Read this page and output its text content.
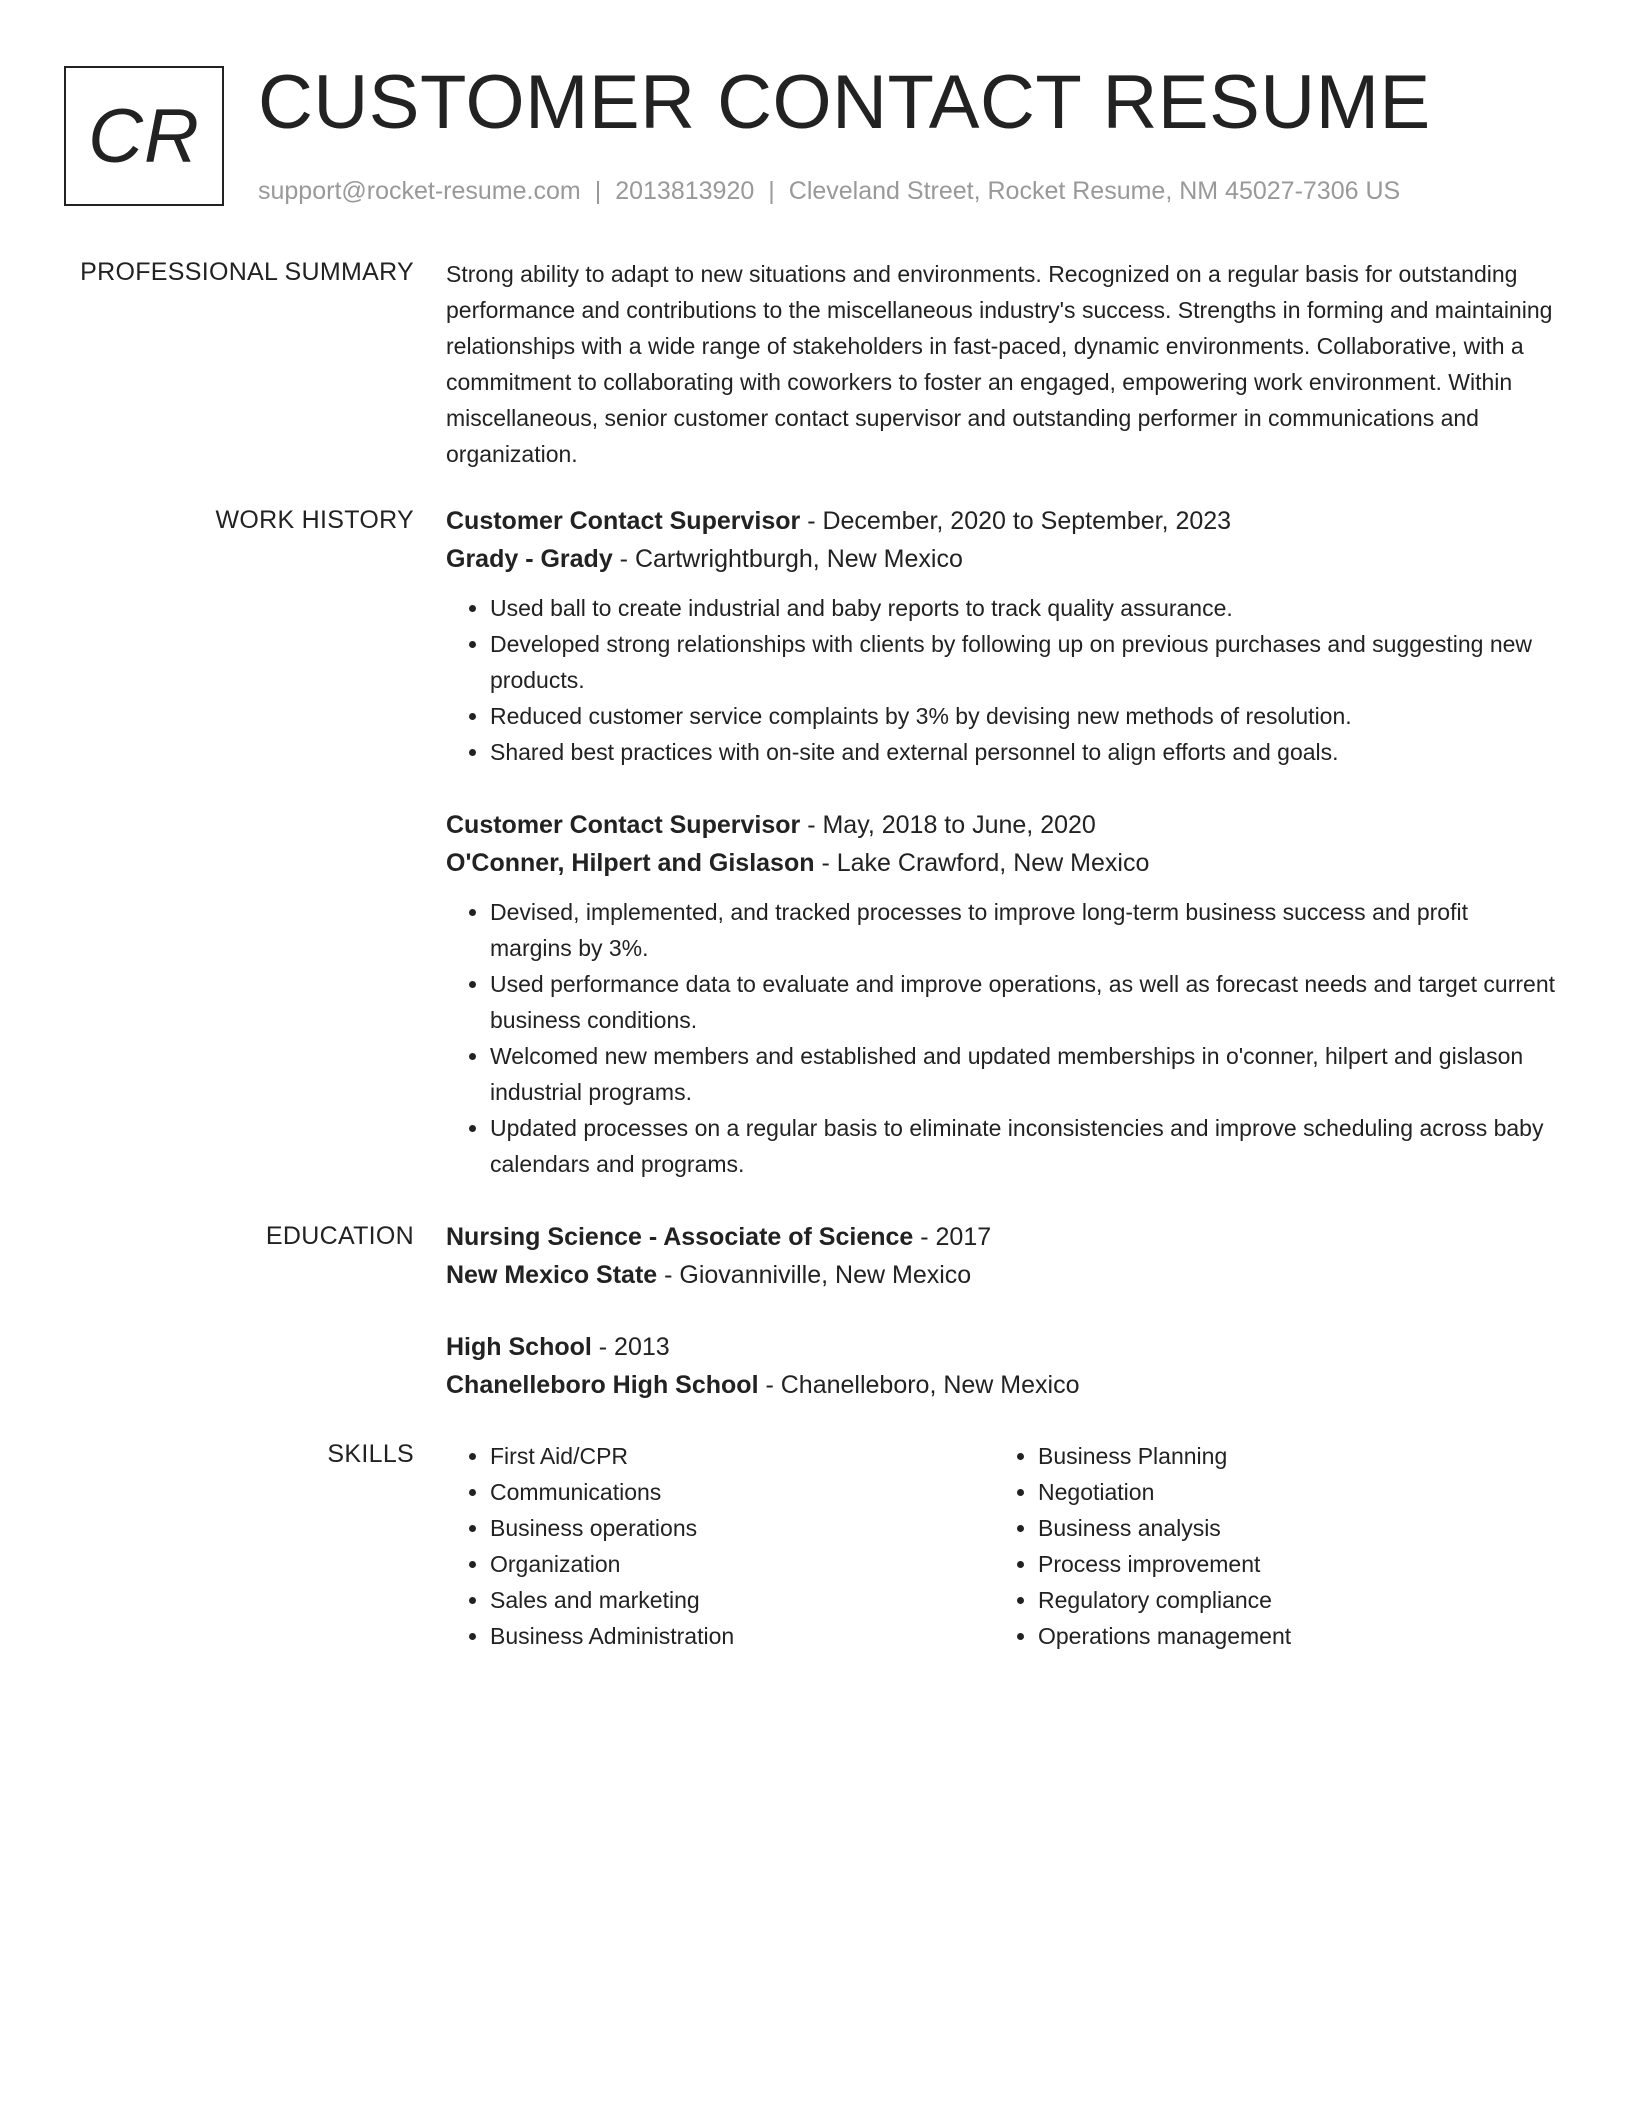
CR CUSTOMER CONTACT RESUME
support@rocket-resume.com | 2013813920 | Cleveland Street, Rocket Resume, NM 45027-7306 US
PROFESSIONAL SUMMARY Strong ability to adapt to new situations and environments. Recognized on a regular basis for outstanding performance and contributions to the miscellaneous industry's success. Strengths in forming and maintaining relationships with a wide range of stakeholders in fast-paced, dynamic environments. Collaborative, with a commitment to collaborating with coworkers to foster an engaged, empowering work environment. Within miscellaneous, senior customer contact supervisor and outstanding performer in communications and organization.

WORK HISTORY Customer Contact Supervisor - December, 2020 to September, 2023
Grady - Grady - Cartwrightburgh, New Mexico
• Used ball to create industrial and baby reports to track quality assurance.
• Developed strong relationships with clients by following up on previous purchases and suggesting new products.
• Reduced customer service complaints by 3% by devising new methods of resolution.
• Shared best practices with on-site and external personnel to align efforts and goals.
Customer Contact Supervisor - May, 2018 to June, 2020
O'Conner, Hilpert and Gislason - Lake Crawford, New Mexico
• Devised, implemented, and tracked processes to improve long-term business success and profit margins by 3%.
• Used performance data to evaluate and improve operations, as well as forecast needs and target current business conditions.
• Welcomed new members and established and updated memberships in o'conner, hilpert and gislason industrial programs.
• Updated processes on a regular basis to eliminate inconsistencies and improve scheduling across baby calendars and programs.
EDUCATION Nursing Science - Associate of Science - 2017
New Mexico State - Giovanniville, New Mexico
High School - 2013
Chanelleboro High School - Chanelleboro, New Mexico
SKILLS
•	First Aid/CPR
• Communications
• Business operations
• Organization
• Sales and marketing
• Business Administration
• Business Planning
• Negotiation
• Business analysis
• Process improvement
• Regulatory compliance
• Operations management
